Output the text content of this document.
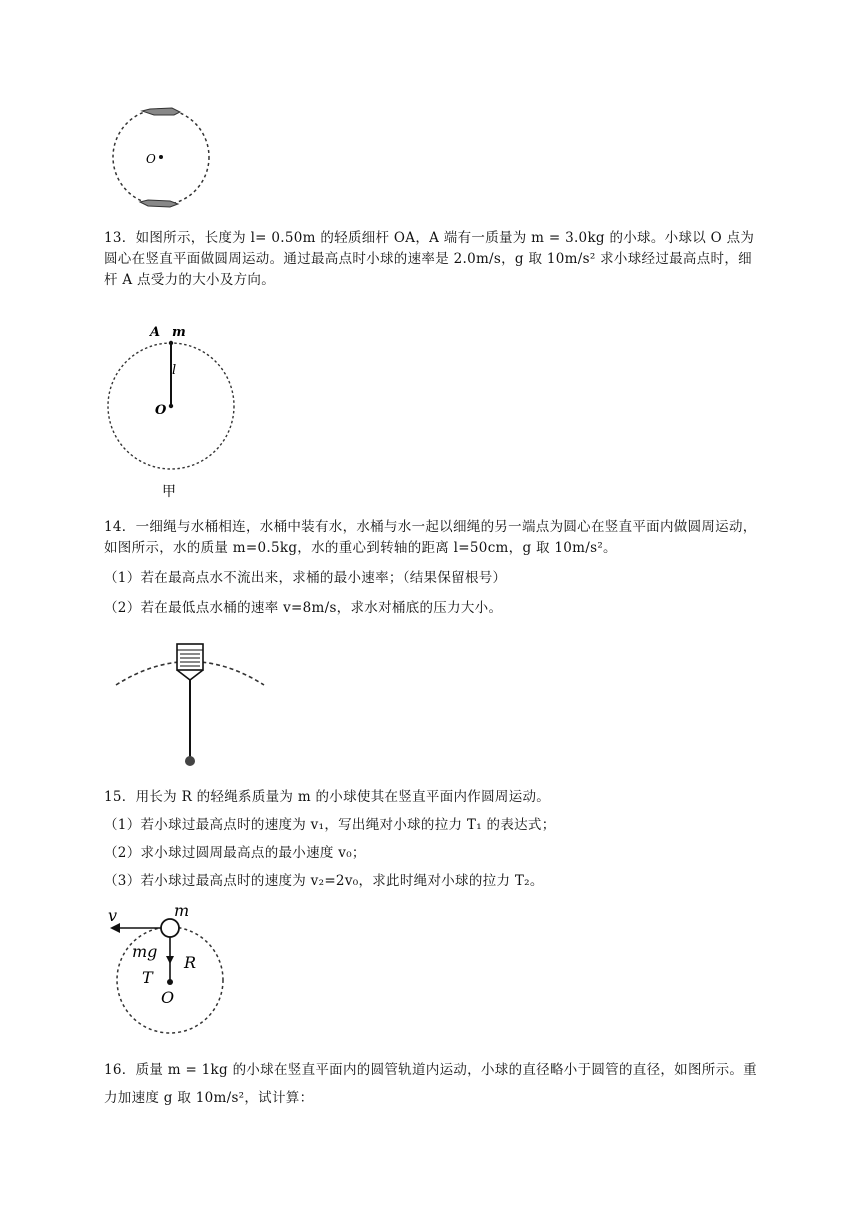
O
13．如图所示，长度为 l= 0.50m 的轻质细杆 OA，A 端有一质量为 m = 3.0kg 的小球。小球以 O 点为圆心在竖直平面做圆周运动。通过最高点时小球的速率是 2.0m/s，g 取 10m/s² 求小球经过最高点时，细杆 A 点受力的大小及方向。
A m
l
O
甲
14．一细绳与水桶相连，水桶中装有水，水桶与水一起以细绳的另一端点为圆心在竖直平面内做圆周运动，如图所示，水的质量 m=0.5kg，水的重心到转轴的距离 l=50cm，g 取 10m/s²。
（1）若在最高点水不流出来，求桶的最小速率；（结果保留根号）
（2）若在最低点水桶的速率 v=8m/s，求水对桶底的压力大小。
15．用长为 R 的轻绳系质量为 m 的小球使其在竖直平面内作圆周运动。
（1）若小球过最高点时的速度为 v₁，写出绳对小球的拉力 T₁ 的表达式；
（2）求小球过圆周最高点的最小速度 v₀；
（3）若小球过最高点时的速度为 v₂=2v₀，求此时绳对小球的拉力 T₂。
v	m
mg
T
R
O
16．质量 m = 1kg 的小球在竖直平面内的圆管轨道内运动，小球的直径略小于圆管的直径，如图所示。重力加速度 g 取 10m/s²，试计算：
